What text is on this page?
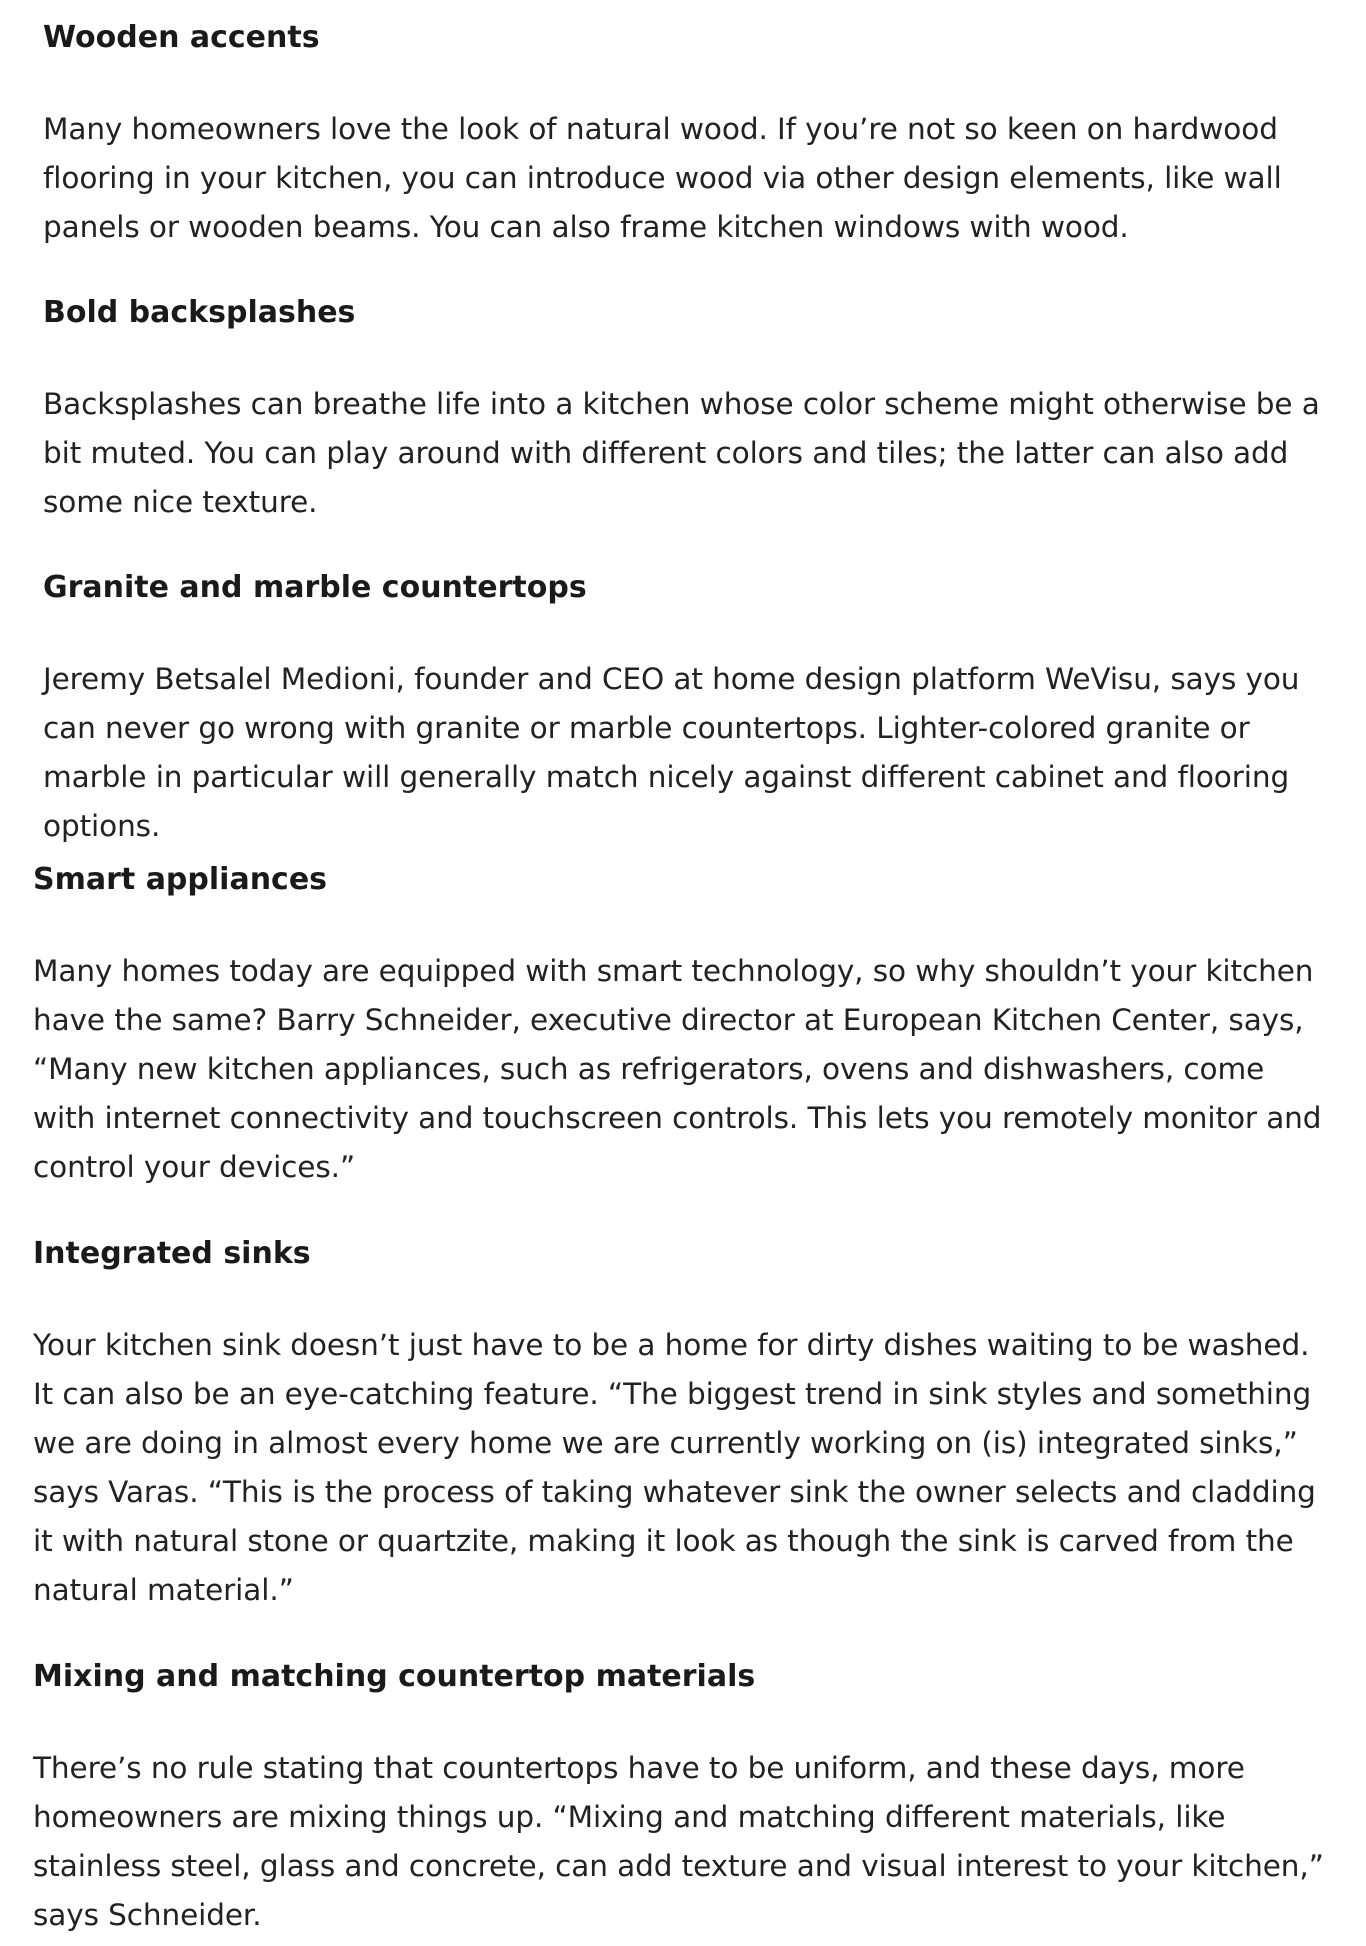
Wooden accents

Many homeowners love the look of natural wood. If you’re not so keen on hardwood flooring in your kitchen, you can introduce wood via other design elements, like wall panels or wooden beams. You can also frame kitchen windows with wood.

Bold backsplashes

Backsplashes can breathe life into a kitchen whose color scheme might otherwise be a bit muted. You can play around with different colors and tiles; the latter can also add some nice texture.

Granite and marble countertops

Jeremy Betsalel Medioni, founder and CEO at home design platform WeVisu, says you can never go wrong with granite or marble countertops. Lighter-colored granite or marble in particular will generally match nicely against different cabinet and flooring options.

Smart appliances

Many homes today are equipped with smart technology, so why shouldn’t your kitchen have the same? Barry Schneider, executive director at European Kitchen Center, says, “Many new kitchen appliances, such as refrigerators, ovens and dishwashers, come with internet connectivity and touchscreen controls. This lets you remotely monitor and control your devices.”

Integrated sinks

Your kitchen sink doesn’t just have to be a home for dirty dishes waiting to be washed. It can also be an eye-catching feature. “The biggest trend in sink styles and something we are doing in almost every home we are currently working on (is) integrated sinks,” says Varas. “This is the process of taking whatever sink the owner selects and cladding it with natural stone or quartzite, making it look as though the sink is carved from the natural material.”

Mixing and matching countertop materials

There’s no rule stating that countertops have to be uniform, and these days, more homeowners are mixing things up. “Mixing and matching different materials, like stainless steel, glass and concrete, can add texture and visual interest to your kitchen,” says Schneider.
